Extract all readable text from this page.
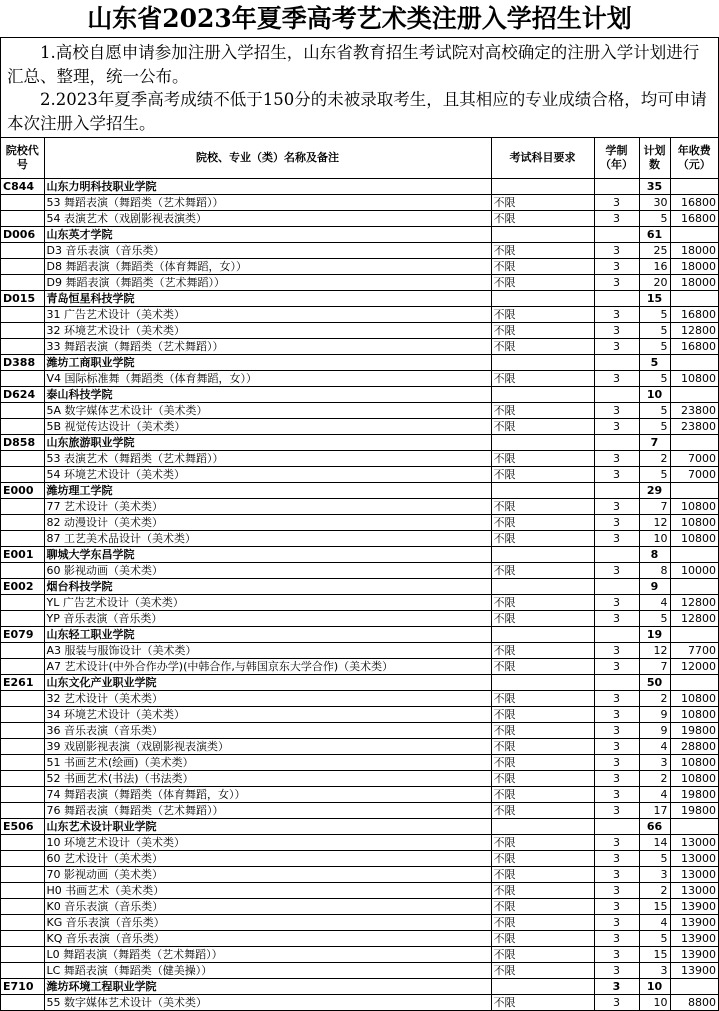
山东省2023年夏季高考艺术类注册入学招生计划

1.高校自愿申请参加注册入学招生，山东省教育招生考试院对高校确定的注册入学计划进行汇总、整理，统一公布。

2.2023年夏季高考成绩不低于150分的未被录取考生，且其相应的专业成绩合格，均可申请本次注册入学招生。

院校代号	院校、专业（类）名称及备注	考试科目要求	学制（年）	计划数	年收费（元）
C844	山东力明科技职业学院			35	
	53 舞蹈表演（舞蹈类（艺术舞蹈））	不限	3	30	16800
	54 表演艺术（戏剧影视表演类）	不限	3	5	16800
D006	山东英才学院			61	
	D3 音乐表演（音乐类）	不限	3	25	18000
	D8 舞蹈表演（舞蹈类（体育舞蹈，女））	不限	3	16	18000
	D9 舞蹈表演（舞蹈类（艺术舞蹈））	不限	3	20	18000
D015	青岛恒星科技学院			15	
	31 广告艺术设计（美术类）	不限	3	5	16800
	32 环境艺术设计（美术类）	不限	3	5	12800
	33 舞蹈表演（舞蹈类（艺术舞蹈））	不限	3	5	16800
D388	潍坊工商职业学院			5	
	V4 国际标准舞（舞蹈类（体育舞蹈，女））	不限	3	5	10800
D624	泰山科技学院			10	
	5A 数字媒体艺术设计（美术类）	不限	3	5	23800
	5B 视觉传达设计（美术类）	不限	3	5	23800
D858	山东旅游职业学院			7	
	53 表演艺术（舞蹈类（艺术舞蹈））	不限	3	2	7000
	54 环境艺术设计（美术类）	不限	3	5	7000
E000	潍坊理工学院			29	
	77 艺术设计（美术类）	不限	3	7	10800
	82 动漫设计（美术类）	不限	3	12	10800
	87 工艺美术品设计（美术类）	不限	3	10	10800
E001	聊城大学东昌学院			8	
	60 影视动画（美术类）	不限	3	8	10000
E002	烟台科技学院			9	
	YL 广告艺术设计（美术类）	不限	3	4	12800
	YP 音乐表演（音乐类）	不限	3	5	12800
E079	山东轻工职业学院			19	
	A3 服装与服饰设计（美术类）	不限	3	12	7700
	A7 艺术设计(中外合作办学)(中韩合作,与韩国京东大学合作)（美术类）	不限	3	7	12000
E261	山东文化产业职业学院			50	
	32 艺术设计（美术类）	不限	3	2	10800
	34 环境艺术设计（美术类）	不限	3	9	10800
	36 音乐表演（音乐类）	不限	3	9	19800
	39 戏剧影视表演（戏剧影视表演类）	不限	3	4	28800
	51 书画艺术(绘画)（美术类）	不限	3	3	10800
	52 书画艺术(书法)（书法类）	不限	3	2	10800
	74 舞蹈表演（舞蹈类（体育舞蹈，女））	不限	3	4	19800
	76 舞蹈表演（舞蹈类（艺术舞蹈））	不限	3	17	19800
E506	山东艺术设计职业学院			66	
	10 环境艺术设计（美术类）	不限	3	14	13000
	60 艺术设计（美术类）	不限	3	5	13000
	70 影视动画（美术类）	不限	3	3	13000
	H0 书画艺术（美术类）	不限	3	2	13000
	K0 音乐表演（音乐类）	不限	3	15	13900
	KG 音乐表演（音乐类）	不限	3	4	13900
	KQ 音乐表演（音乐类）	不限	3	5	13900
	L0 舞蹈表演（舞蹈类（艺术舞蹈））	不限	3	15	13900
	LC 舞蹈表演（舞蹈类（健美操））	不限	3	3	13900
E710	潍坊环境工程职业学院		3	10	
	55 数字媒体艺术设计（美术类）	不限	3	10	8800
